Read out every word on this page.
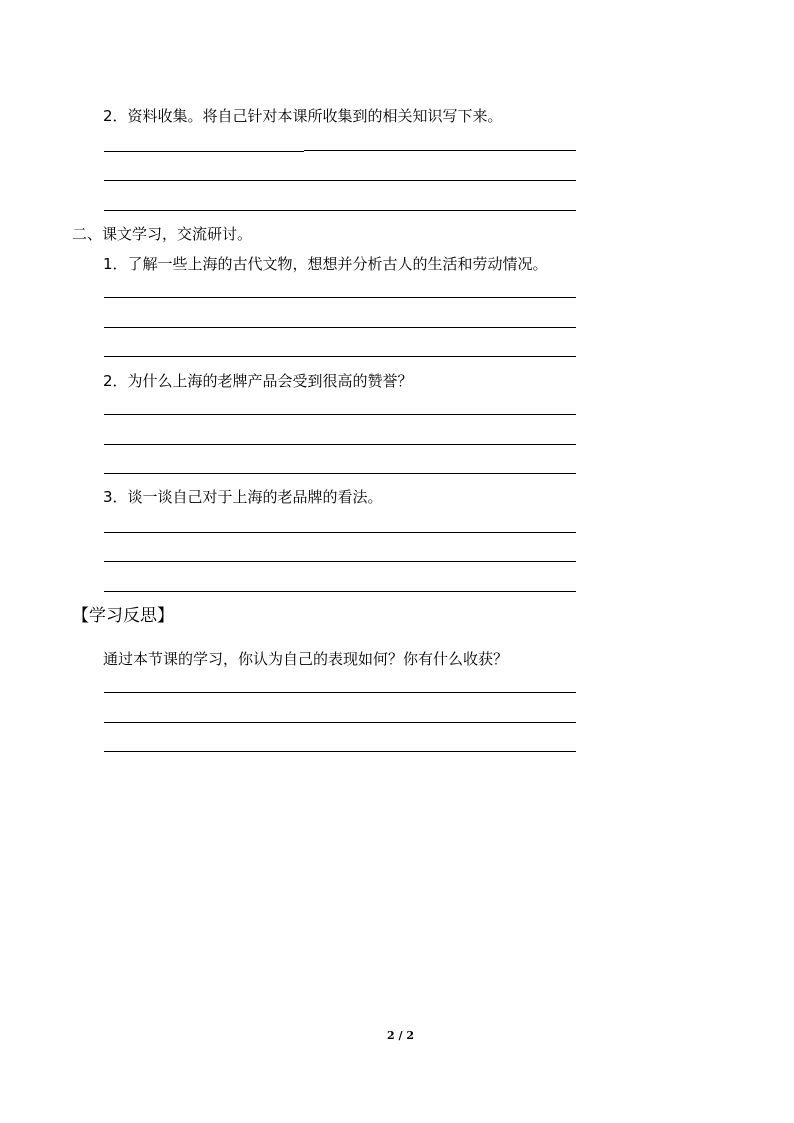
2．资料收集。将自己针对本课所收集到的相关知识写下来。
二、课文学习，交流研讨。
1．了解一些上海的古代文物，想想并分析古人的生活和劳动情况。
2．为什么上海的老牌产品会受到很高的赞誉？
3．谈一谈自己对于上海的老品牌的看法。
【学习反思】
通过本节课的学习，你认为自己的表现如何？你有什么收获？
2 / 2
